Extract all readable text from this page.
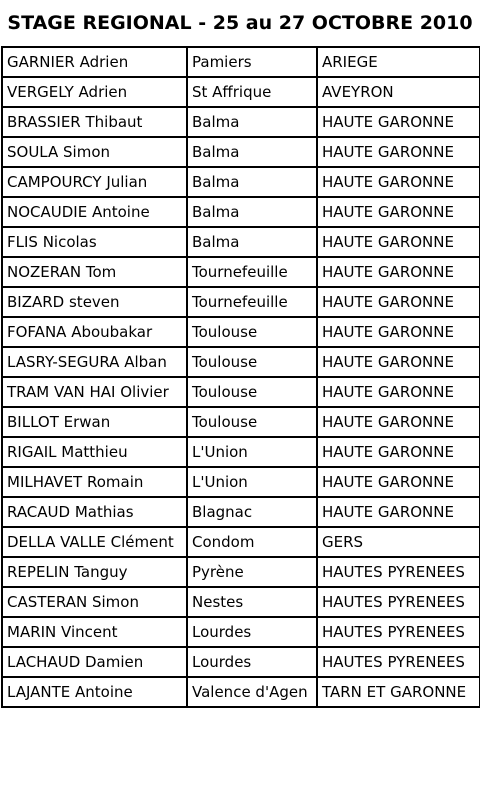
STAGE REGIONAL - 25 au 27 OCTOBRE 2010
GARNIER Adrien	Pamiers	ARIEGE
VERGELY Adrien	St Affrique	AVEYRON
BRASSIER Thibaut	Balma	HAUTE GARONNE
SOULA Simon	Balma	HAUTE GARONNE
CAMPOURCY Julian	Balma	HAUTE GARONNE
NOCAUDIE Antoine	Balma	HAUTE GARONNE
FLIS Nicolas	Balma	HAUTE GARONNE
NOZERAN Tom	Tournefeuille	HAUTE GARONNE
BIZARD steven	Tournefeuille	HAUTE GARONNE
FOFANA Aboubakar	Toulouse	HAUTE GARONNE
LASRY-SEGURA Alban	Toulouse	HAUTE GARONNE
TRAM VAN HAI Olivier	Toulouse	HAUTE GARONNE
BILLOT Erwan	Toulouse	HAUTE GARONNE
RIGAIL Matthieu	L'Union	HAUTE GARONNE
MILHAVET Romain	L'Union	HAUTE GARONNE
RACAUD Mathias	Blagnac	HAUTE GARONNE
DELLA VALLE Clément	Condom	GERS
REPELIN Tanguy	Pyrène	HAUTES PYRENEES
CASTERAN Simon	Nestes	HAUTES PYRENEES
MARIN Vincent	Lourdes	HAUTES PYRENEES
LACHAUD Damien	Lourdes	HAUTES PYRENEES
LAJANTE Antoine	Valence d'Agen	TARN ET GARONNE
